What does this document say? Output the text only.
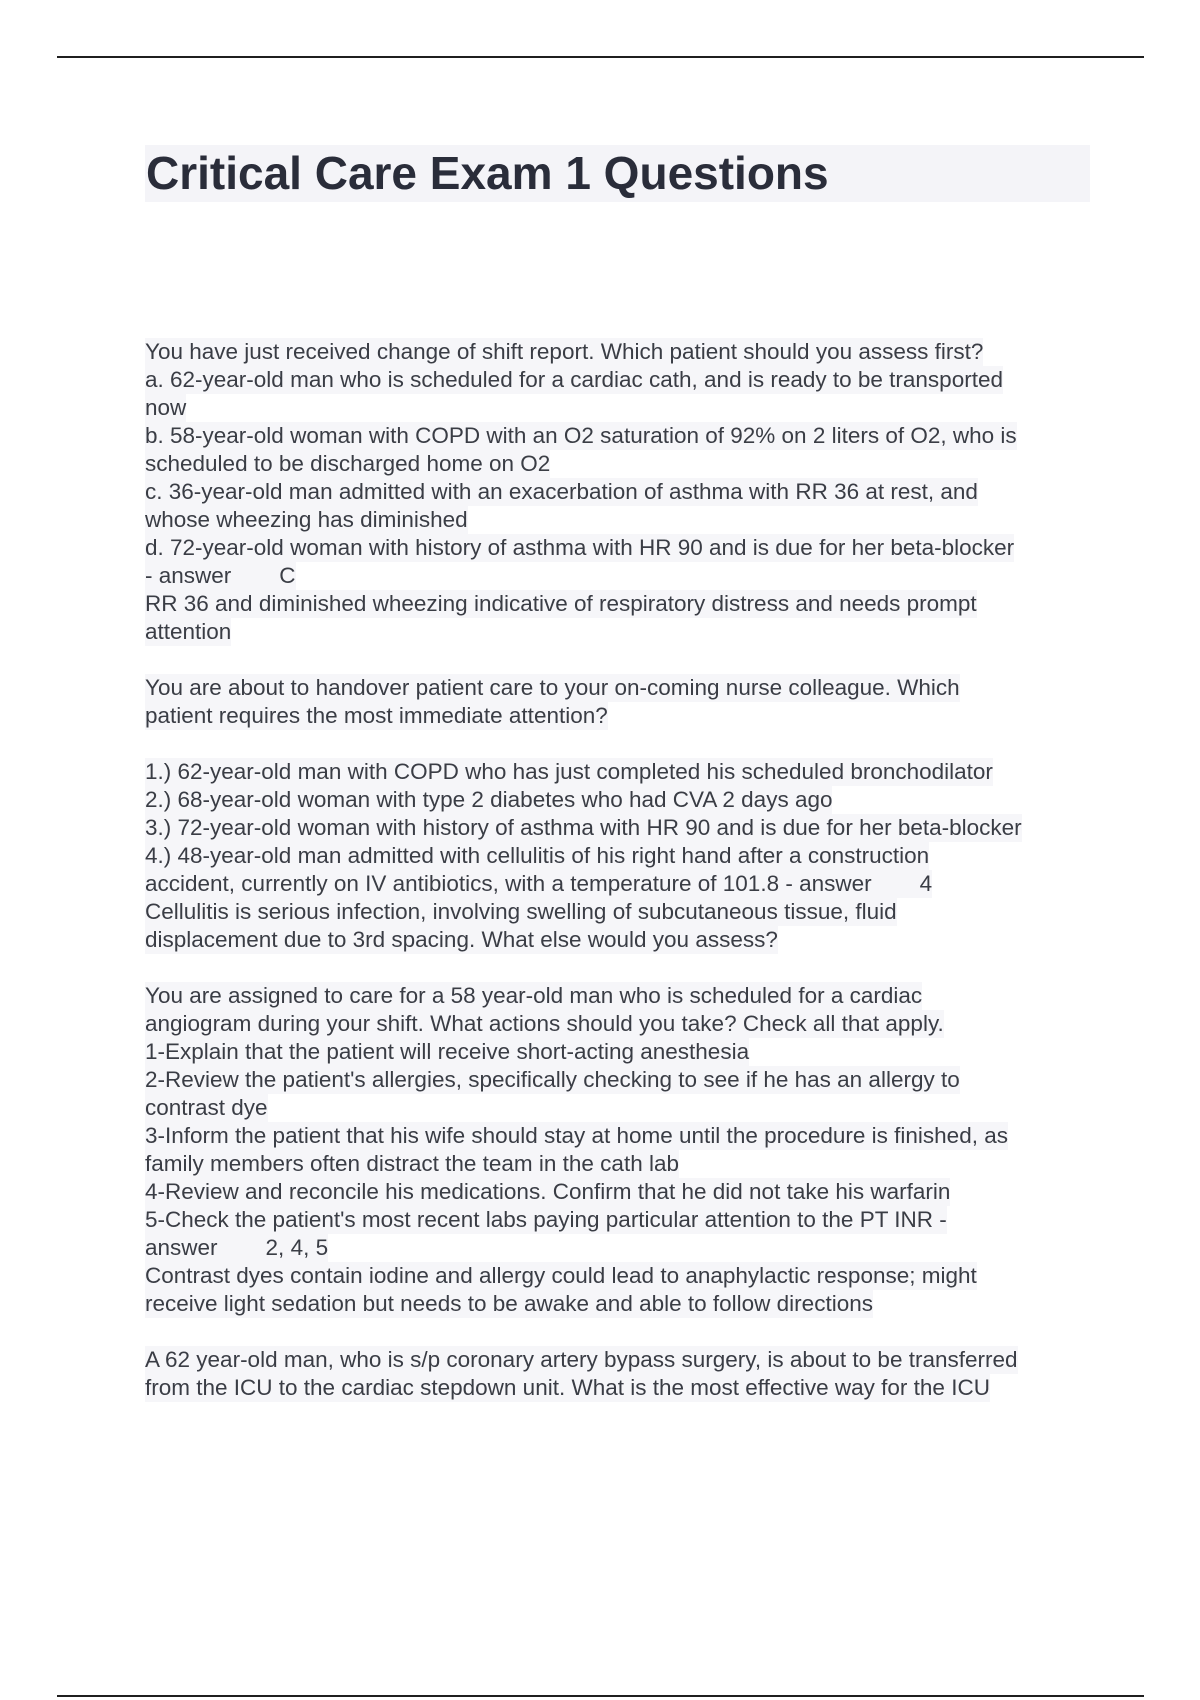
Critical Care Exam 1 Questions
You have just received change of shift report. Which patient should you assess first?
a. 62-year-old man who is scheduled for a cardiac cath, and is ready to be transported
now
b. 58-year-old woman with COPD with an O2 saturation of 92% on 2 liters of O2, who is
scheduled to be discharged home on O2
c. 36-year-old man admitted with an exacerbation of asthma with RR 36 at rest, and
whose wheezing has diminished
d. 72-year-old woman with history of asthma with HR 90 and is due for her beta-blocker
- answer C
RR 36 and diminished wheezing indicative of respiratory distress and needs prompt
attention
You are about to handover patient care to your on-coming nurse colleague. Which
patient requires the most immediate attention?
1.) 62-year-old man with COPD who has just completed his scheduled bronchodilator
2.) 68-year-old woman with type 2 diabetes who had CVA 2 days ago
3.) 72-year-old woman with history of asthma with HR 90 and is due for her beta-blocker
4.) 48-year-old man admitted with cellulitis of his right hand after a construction
accident, currently on IV antibiotics, with a temperature of 101.8 - answer 4
Cellulitis is serious infection, involving swelling of subcutaneous tissue, fluid
displacement due to 3rd spacing. What else would you assess?
You are assigned to care for a 58 year-old man who is scheduled for a cardiac
angiogram during your shift. What actions should you take? Check all that apply.
1-Explain that the patient will receive short-acting anesthesia
2-Review the patient's allergies, specifically checking to see if he has an allergy to
contrast dye
3-Inform the patient that his wife should stay at home until the procedure is finished, as
family members often distract the team in the cath lab
4-Review and reconcile his medications. Confirm that he did not take his warfarin
5-Check the patient's most recent labs paying particular attention to the PT INR -
answer 2, 4, 5
Contrast dyes contain iodine and allergy could lead to anaphylactic response; might
receive light sedation but needs to be awake and able to follow directions
A 62 year-old man, who is s/p coronary artery bypass surgery, is about to be transferred
from the ICU to the cardiac stepdown unit. What is the most effective way for the ICU
